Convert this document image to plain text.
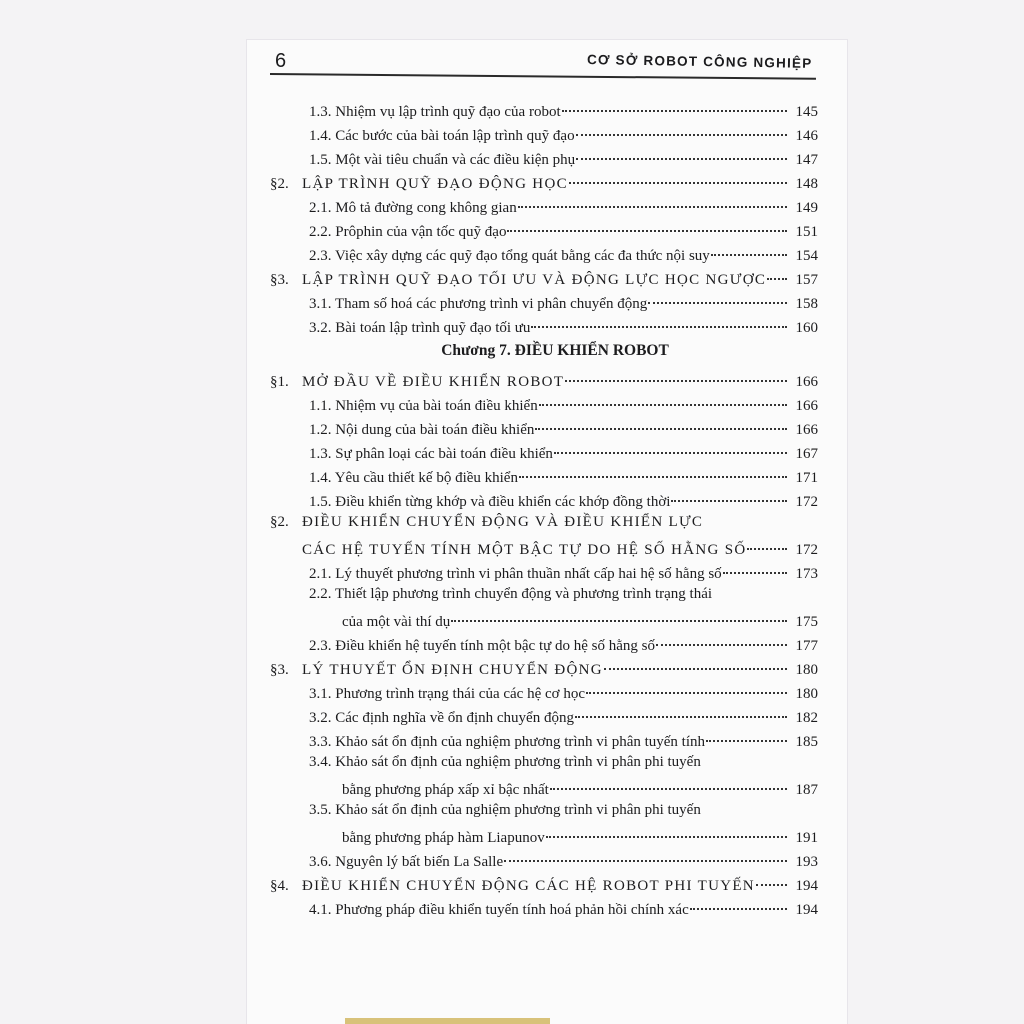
6	CƠ SỞ ROBOT CÔNG NGHIỆP
1.3. Nhiệm vụ lập trình quỹ đạo của robot	145
1.4. Các bước của bài toán lập trình quỹ đạo	146
1.5. Một vài tiêu chuẩn và các điều kiện phụ	147
§2. LẬP TRÌNH QUỸ ĐẠO ĐỘNG HỌC	148
2.1. Mô tả đường cong không gian	149
2.2. Prôphin của vận tốc quỹ đạo	151
2.3. Việc xây dựng các quỹ đạo tổng quát bằng các đa thức nội suy	154
§3. LẬP TRÌNH QUỸ ĐẠO TỐI ƯU VÀ ĐỘNG LỰC HỌC NGƯỢC	157
3.1. Tham số hoá các phương trình vi phân chuyển động	158
3.2. Bài toán lập trình quỹ đạo tối ưu	160
Chương 7. ĐIỀU KHIỂN ROBOT
§1. MỞ ĐẦU VỀ ĐIỀU KHIỂN ROBOT	166
1.1. Nhiệm vụ của bài toán điều khiển	166
1.2. Nội dung của bài toán điều khiển	166
1.3. Sự phân loại các bài toán điều khiển	167
1.4. Yêu cầu thiết kế bộ điều khiển	171
1.5. Điều khiển từng khớp và điều khiển các khớp đồng thời	172
§2. ĐIỀU KHIỂN CHUYỂN ĐỘNG VÀ ĐIỀU KHIỂN LỰC
CÁC HỆ TUYẾN TÍNH MỘT BẬC TỰ DO HỆ SỐ HẰNG SỐ	172
2.1. Lý thuyết phương trình vi phân thuần nhất cấp hai hệ số hằng số	173
2.2. Thiết lập phương trình chuyển động và phương trình trạng thái
của một vài thí dụ	175
2.3. Điều khiển hệ tuyến tính một bậc tự do hệ số hằng số	177
§3. LÝ THUYẾT ỔN ĐỊNH CHUYỂN ĐỘNG	180
3.1. Phương trình trạng thái của các hệ cơ học	180
3.2. Các định nghĩa về ổn định chuyển động	182
3.3. Khảo sát ổn định của nghiệm phương trình vi phân tuyến tính	185
3.4. Khảo sát ổn định của nghiệm phương trình vi phân phi tuyến
bằng phương pháp xấp xỉ bậc nhất	187
3.5. Khảo sát ổn định của nghiệm phương trình vi phân phi tuyến
bằng phương pháp hàm Liapunov	191
3.6. Nguyên lý bất biến La Salle	193
§4. ĐIỀU KHIỂN CHUYỂN ĐỘNG CÁC HỆ ROBOT PHI TUYẾN	194
4.1. Phương pháp điều khiển tuyến tính hoá phản hồi chính xác	194
